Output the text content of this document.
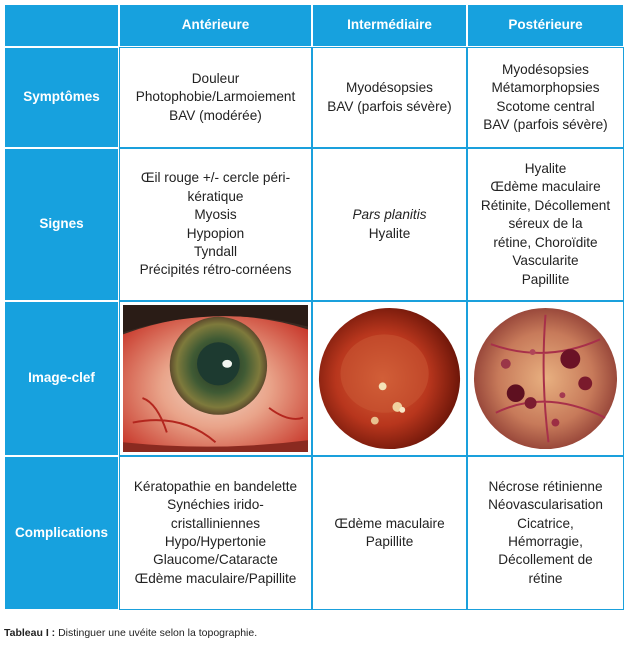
Antérieure	Intermédiaire	Postérieure
Symptômes
Douleur
Photophobie/Larmoiement
BAV (modérée)
Myodésopsies
BAV (parfois sévère)
Myodésopsies
Métamorphopsies
Scotome central
BAV (parfois sévère)
Signes
Œil rouge +/- cercle péri-
kératique
Myosis
Hypopion
Tyndall
Précipités rétro-cornéens
Pars planitis
Hyalite
Hyalite
Œdème maculaire
Rétinite, Décollement
séreux de la
rétine, Choroïdite
Vascularite
Papillite
Image-clef
Complications
Kératopathie en bandelette
Synéchies irido-
cristalliniennes
Hypo/Hypertonie
Glaucome/Cataracte
Œdème maculaire/Papillite
Œdème maculaire
Papillite
Nécrose rétinienne
Néovascularisation
Cicatrice,
Hémorragie,
Décollement de
rétine
Tableau I : Distinguer une uvéite selon la topographie.
